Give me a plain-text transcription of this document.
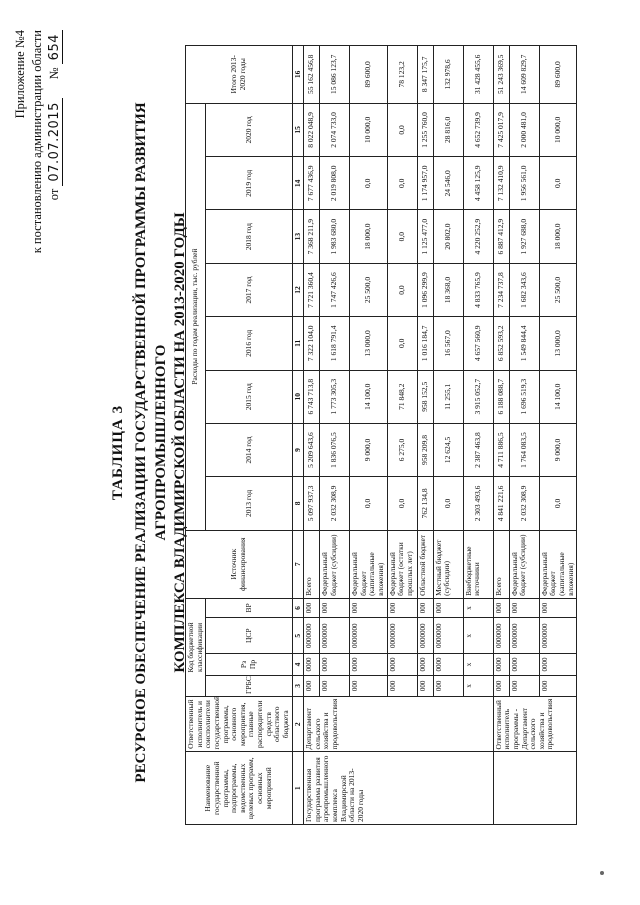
Приложение №4 к постановлению администрации области от 07.07.2015      № 654
ТАБЛИЦА 3 РЕСУРСНОЕ ОБЕСПЕЧЕНИЕ РЕАЛИЗАЦИИ ГОСУДАРСТВЕННОЙ ПРОГРАММЫ РАЗВИТИЯ АГРОПРОМЫШЛЕННОГО КОМПЛЕКСА ВЛАДИМИРСКОЙ ОБЛАСТИ НА 2013-2020 ГОДЫ
Наименование государственной программы, подпрограммы, ведомственных целевых программ, основных мероприятий	Ответственный исполнитель и соисполнители государственной программы, основного мероприятия, главные распорядители средств областного бюджета	Код бюджетной классификации				Источник финансирования	Расходы по годам реализации, тыс. рублей								Итого 2013-2020 годы
		ГРБС	Рз Пр	ЦСР	ВР		2013 год	2014 год	2015 год	2016 год	2017 год	2018 год	2019 год	2020 год	

1	2	3	4	5	6	7	8	9	10	11	12	13	14	15	16
Государственная программа развития агропромышленного комплекса Владимирской области на 2013-2020 годы	Департамент сельского хозяйства и продовольствия	000	0000	0000000	000	Всего	5 097 937,3	5 209 643,6	6 743 713,8	7 322 104,0	7 721 360,4	7 368 211,9	7 677 436,9	8 022 048,9	55 162 456,8
		000	0000	0000000	000	Федеральный бюджет (субсидии)	2 032 308,9	1 836 076,5	1 773 305,3	1 618 791,4	1 747 426,6	1 983 680,0	2 019 808,0	2 074 733,0	15 086 123,7
		000	0000	0000000	000	Федеральный бюджет (капитальные вложения)	0,0	9 000,0	14 100,0	13 000,0	25 500,0	18 000,0	0,0	10 000,0	89 600,0
		000	0000	0000000	000	Федеральный бюджет (остатки прошлых лет)	0,0	6 275,0	71 848,2	0,0	0,0	0,0	0,0	0,0	78 123,2
		000	0000	0000000	000	Областной бюджет	762 134,8	958 209,8	958 152,5	1 016 184,7	1 096 299,9	1 125 477,0	1 174 957,0	1 255 760,0	8 347 175,7
		000	0000	0000000	000	Местный бюджет (субсидии)	0,0	12 624,5	11 255,1	16 567,0	18 368,0	20 802,0	24 546,0	28 816,0	132 978,6
		x	x	x	x	Внебюджетные источники	2 303 493,6	2 387 463,8	3 915 052,7	4 657 560,9	4 833 765,9	4 220 252,9	4 458 125,9	4 652 739,9	31 428 455,6
	Ответственный исполнитель программы - Департамент сельского хозяйства и продовольствия	000	0000	0000000	000	Всего	4 841 221,6	4 711 886,5	6 188 088,7	6 852 593,2	7 234 737,8	6 887 412,9	7 132 410,9	7 425 017,9	51 243 369,5
		000	0000	0000000	000	Федеральный бюджет (субсидии)	2 032 308,9	1 764 083,5	1 696 519,3	1 549 844,4	1 682 343,6	1 927 688,0	1 956 561,0	2 000 481,0	14 609 829,7
		000	0000	0000000	000	Федеральный бюджет (капитальные вложения)	0,0	9 000,0	14 100,0	13 000,0	25 500,0	18 000,0	0,0	10 000,0	89 600,0
